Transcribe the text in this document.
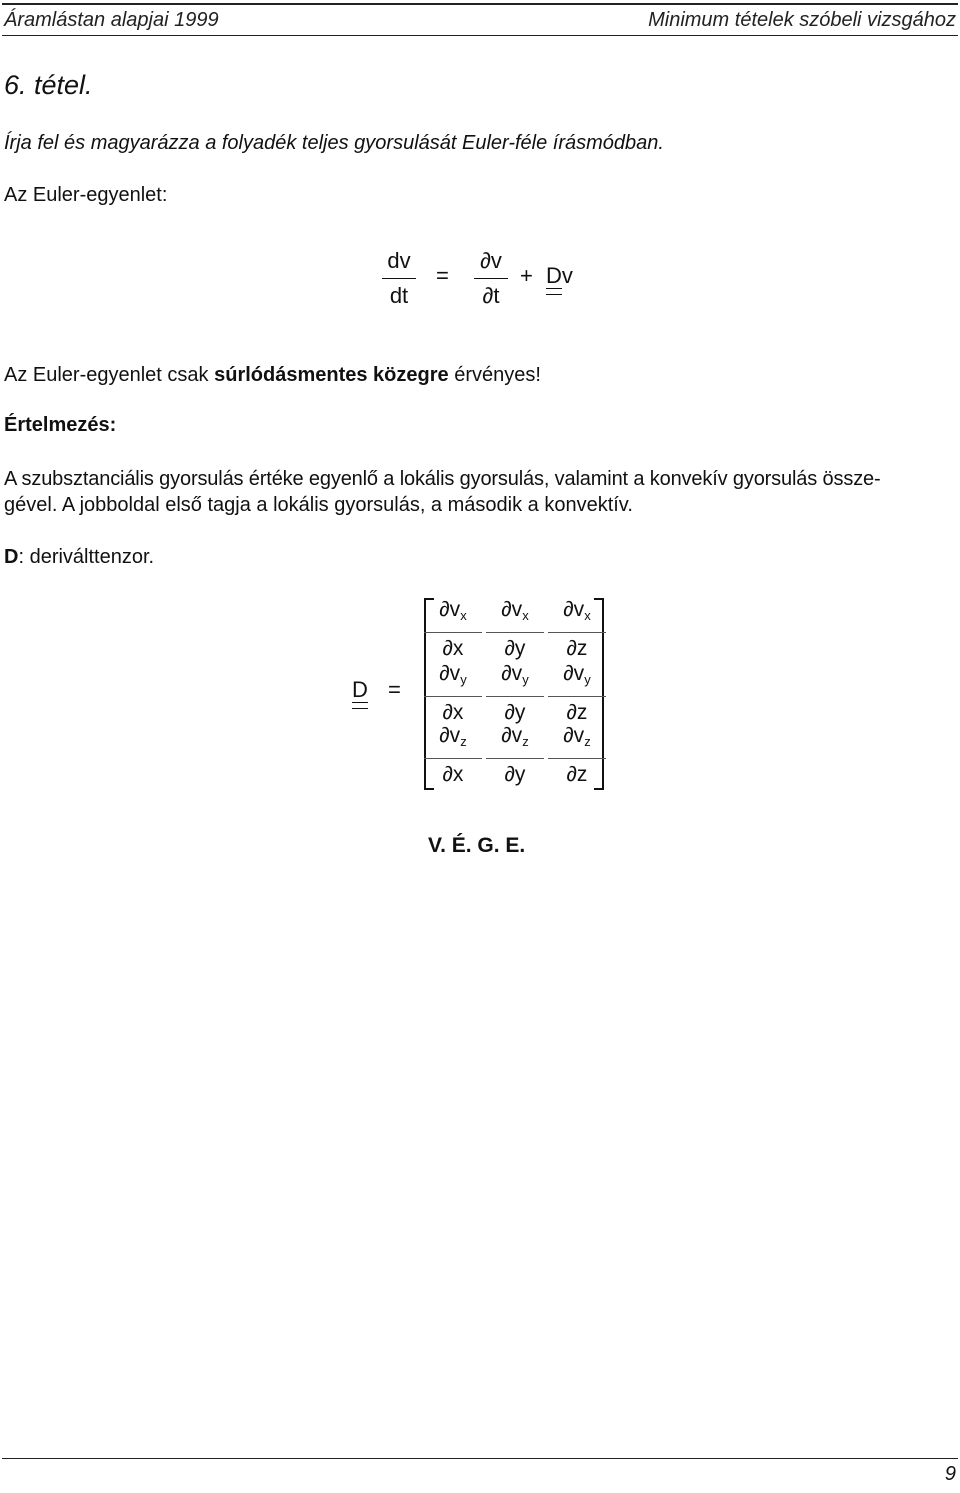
Áramlástan alapjai 1999	Minimum tételek szóbeli vizsgához
6. tétel.
Írja fel és magyarázza a folyadék teljes gyorsulását Euler-féle írásmódban.
Az Euler-egyenlet:
dv
dt
=
∂v
∂t
+ Dv
Az Euler-egyenlet csak súrlódásmentes közegre érvényes!
Értelmezés:
A szubsztanciális gyorsulás értéke egyenlő a lokális gyorsulás, valamint a konvekív gyorsulás össze-
gével. A jobboldal első tagja a lokális gyorsulás, a második a konvektív.
D: deriválttenzor.
D =
$\partial v_x$
∂x
$\partial v_x$
∂y
$\partial v_x$
∂z
$\partial v_y$
∂x
$\partial v_y$
∂y
$\partial v_y$
∂z
$\partial v_z$
∂x
$\partial v_z$
∂y
$\partial v_z$
∂z
V. É. G. E.
9
